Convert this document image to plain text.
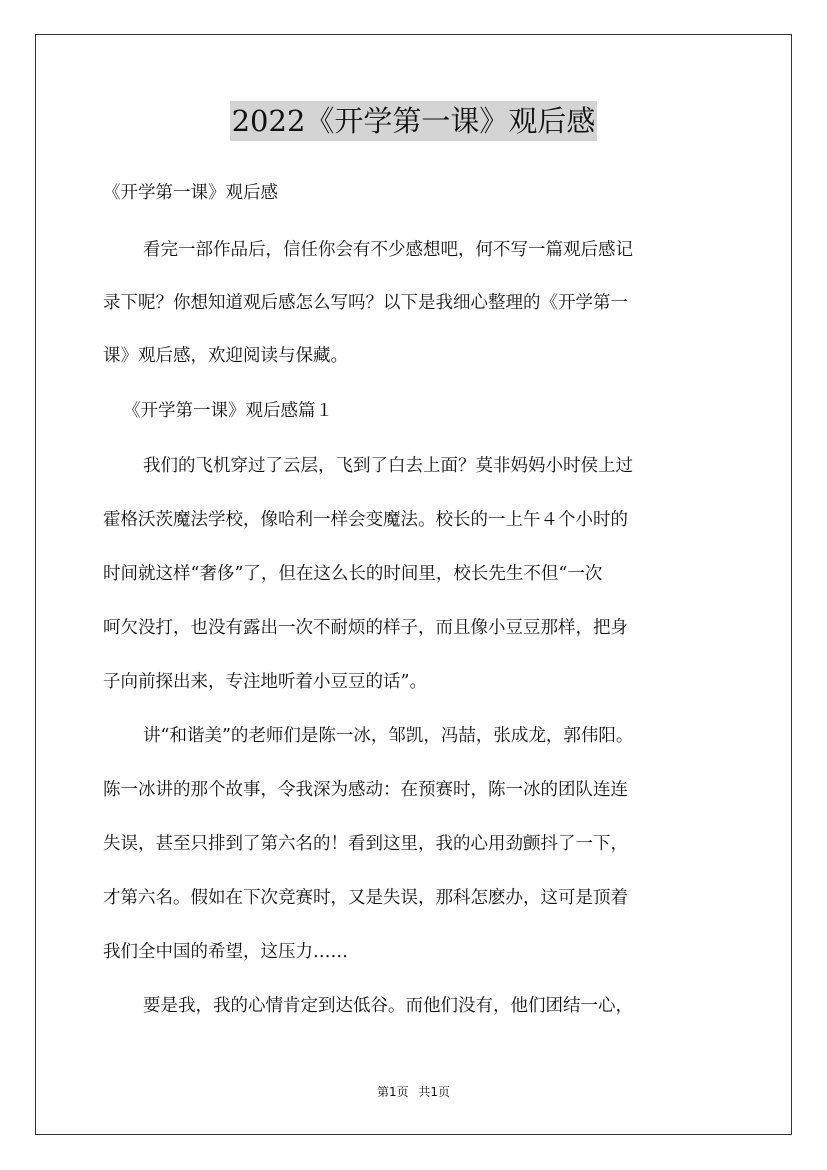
2022《开学第一课》观后感
《开学第一课》观后感
看完一部作品后，信任你会有不少感想吧，何不写一篇观后感记
录下呢？你想知道观后感怎么写吗？以下是我细心整理的《开学第一
课》观后感，欢迎阅读与保藏。
《开学第一课》观后感篇１
我们的飞机穿过了云层，飞到了白去上面？莫非妈妈小时侯上过
霍格沃茨魔法学校，像哈利一样会变魔法。校长的一上午４个小时的
时间就这样“奢侈”了，但在这么长的时间里，校长先生不但“一次
呵欠没打，也没有露出一次不耐烦的样子，而且像小豆豆那样，把身
子向前探出来，专注地听着小豆豆的话”。
讲“和谐美”的老师们是陈一冰，邹凯，冯喆，张成龙，郭伟阳。
陈一冰讲的那个故事，令我深为感动：在预赛时，陈一冰的团队连连
失误，甚至只排到了第六名的！看到这里，我的心用劲颤抖了一下，
才第六名。假如在下次竞赛时，又是失误，那科怎麽办，这可是顶着
我们全中国的希望，这压力……
要是我，我的心情肯定到达低谷。而他们没有，他们团结一心，
第1页 共1页
